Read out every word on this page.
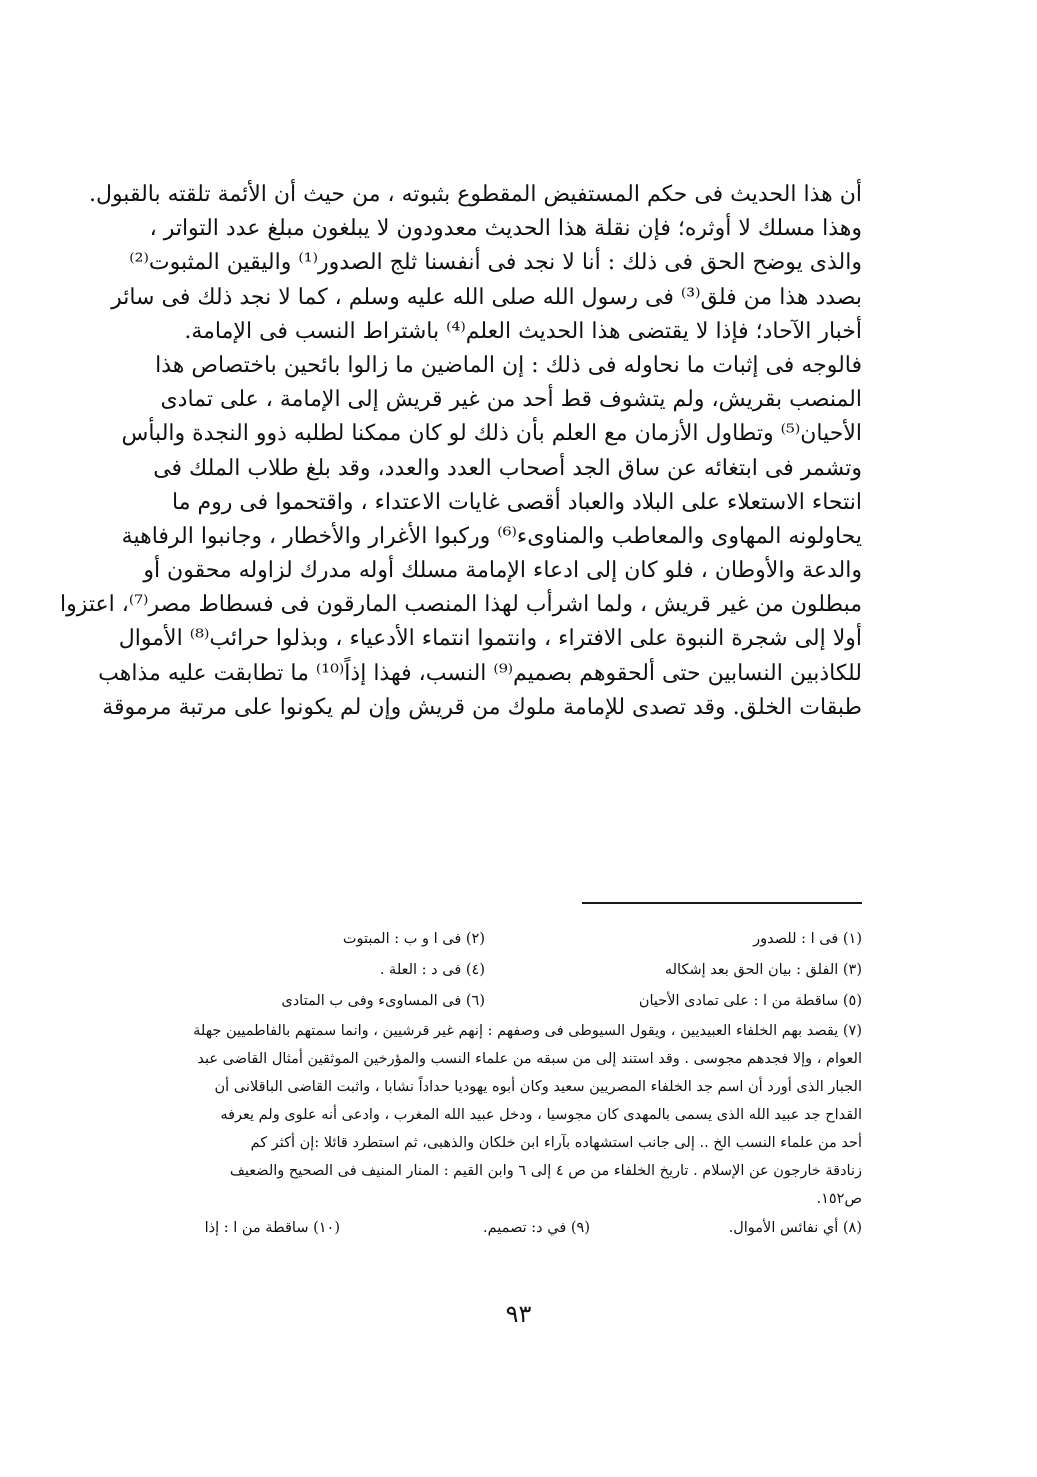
أن هذا الحديث فى حكم المستفيض المقطوع بثبوته ، من حيث أن الأئمة تلقته بالقبول.
وهذا مسلك لا أوثره؛ فإن نقلة هذا الحديث معدودون لا يبلغون مبلغ عدد التواتر ،
والذى يوضح الحق فى ذلك : أنا لا نجد فى أنفسنا ثلج الصدور⁽¹⁾ واليقين المثبوت⁽²⁾
بصدد هذا من فلق⁽³⁾ فى رسول الله صلى الله عليه وسلم ، كما لا نجد ذلك فى سائر
أخبار الآحاد؛ فإذا لا يقتضى هذا الحديث العلم⁽⁴⁾ باشتراط النسب فى الإمامة.
فالوجه فى إثبات ما نحاوله فى ذلك : إن الماضين ما زالوا بائحين باختصاص هذا
المنصب بقريش، ولم يتشوف قط أحد من غير قريش إلى الإمامة ، على تمادى
الأحيان⁽⁵⁾ وتطاول الأزمان مع العلم بأن ذلك لو كان ممكنا لطلبه ذوو النجدة والبأس
وتشمر فى ابتغائه عن ساق الجد أصحاب العدد والعدد، وقد بلغ طلاب الملك فى
انتحاء الاستعلاء على البلاد والعباد أقصى غايات الاعتداء ، واقتحموا فى روم ما
يحاولونه المهاوى والمعاطب والمناوىء⁽⁶⁾ وركبوا الأغرار والأخطار ، وجانبوا الرفاهية
والدعة والأوطان ، فلو كان إلى ادعاء الإمامة مسلك أوله مدرك لزاوله محقون أو
مبطلون من غير قريش ، ولما اشرأب لهذا المنصب المارقون فى فسطاط مصر⁽⁷⁾، اعتزوا
أولا إلى شجرة النبوة على الافتراء ، وانتموا انتماء الأدعياء ، وبذلوا حرائب⁽⁸⁾ الأموال
للكاذبين النسابين حتى ألحقوهم بصميم⁽⁹⁾ النسب، فهذا إذاً⁽¹⁰⁾ ما تطابقت عليه مذاهب
طبقات الخلق. وقد تصدى للإمامة ملوك من قريش وإن لم يكونوا على مرتبة مرموقة
(١) فى ا : للصدور
(٢) فى ا و ب : المبتوت
(٣) الفلق : بيان الحق بعد إشكاله
(٤) فى د : العلة .
(٥) ساقطة من ا : على تمادى الأحيان
(٦) فى المساوىء وفى ب المتادى
(٧) يقصد بهم الخلفاء العبيديين ، ويقول السيوطى فى وصفهم : إنهم غير قرشيين ، وانما سمتهم بالفاطميين جهلة
العوام ، وإلا فجدهم مجوسى . وقد استند إلى من سبقه من علماء النسب والمؤرخين الموثقين أمثال القاضى عبد
الجبار الذى أورد أن اسم جد الخلفاء المصريين سعيد وكان أبوه يهوديا حداداً نشابا ، واثبت القاضى الباقلانى أن
القداح جد عبيد الله الذى يسمى بالمهدى كان مجوسيا ، ودخل عبيد الله المغرب ، وادعى أنه علوى ولم يعرفه
أحد من علماء النسب الخ .. إلى جانب استشهاده بآراء ابن خلكان والذهبى، ثم استطرد قائلا :إن أكثر كم
زنادقة خارجون عن الإسلام . تاريخ الخلفاء من ص ٤ إلى ٦ وابن القيم : المنار المنيف فى الصحيح والضعيف
ص١٥٢.
(٨) أي نفائس الأموال.
(٩) في د: تصميم.
(١٠) ساقطة من ا : إذا
٩٣
